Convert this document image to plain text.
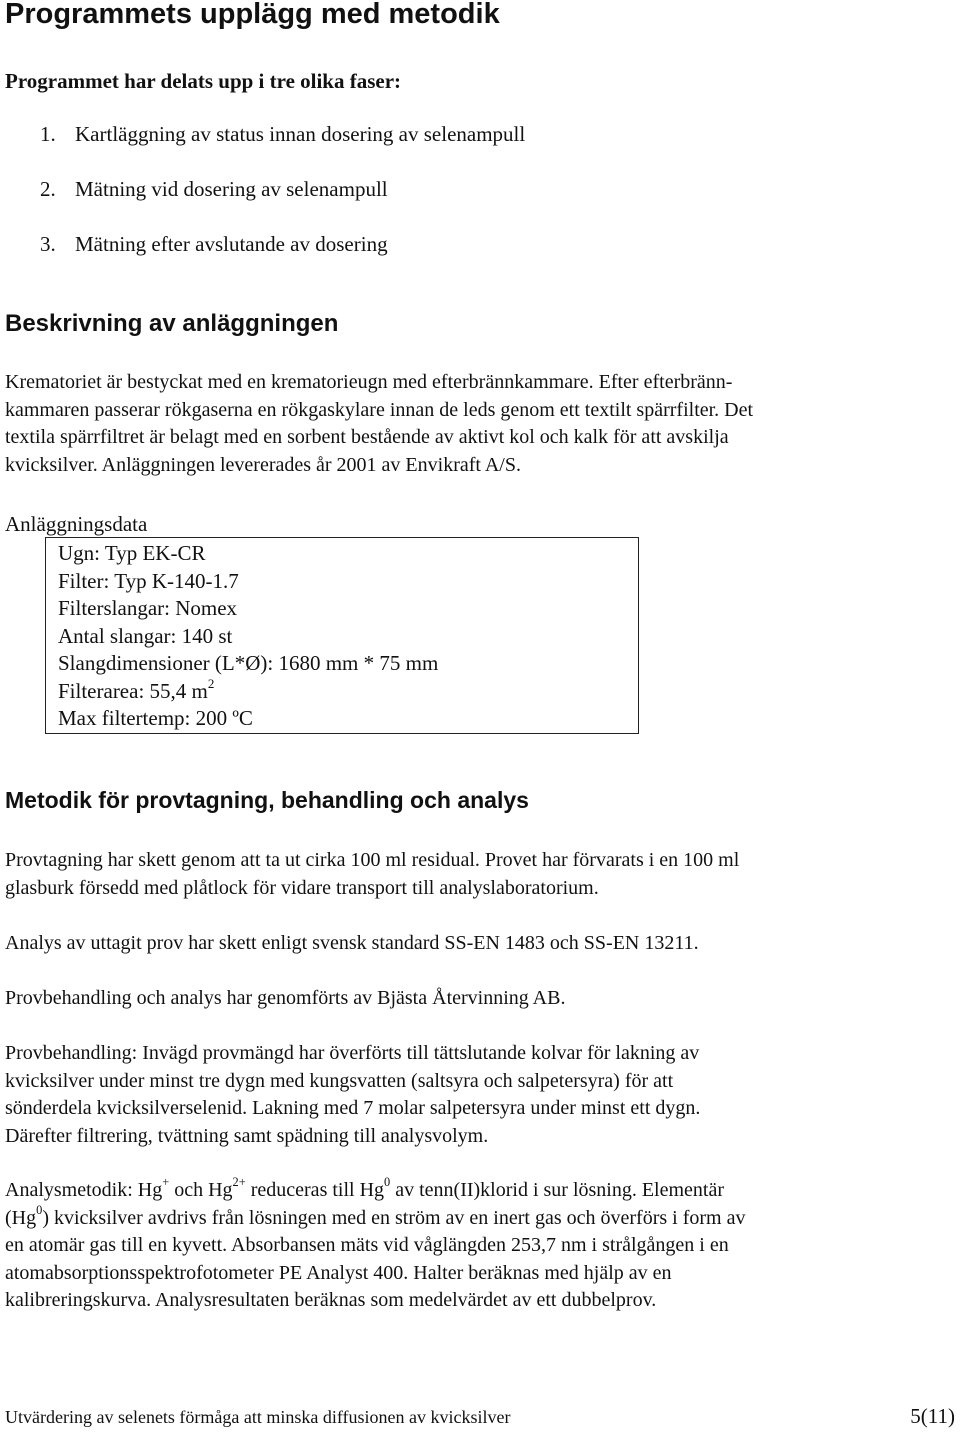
Programmets upplägg med metodik

Programmet har delats upp i tre olika faser:

1. Kartläggning av status innan dosering av selenampull
2. Mätning vid dosering av selenampull
3. Mätning efter avslutande av dosering
Beskrivning av anläggningen

Krematoriet är bestyckat med en krematorieugn med efterbrännkammare. Efter efterbränn-
kammaren passerar rökgaserna en rökgaskylare innan de leds genom ett textilt spärrfilter. Det
textila spärrfiltret är belagt med en sorbent bestående av aktivt kol och kalk för att avskilja
kvicksilver. Anläggningen levererades år 2001 av Envikraft A/S.

Anläggningsdata

Ugn: Typ EK-CR
Filter: Typ K-140-1.7
Filterslangar: Nomex
Antal slangar: 140 st
Slangdimensioner (L*Ø): 1680 mm * 75 mm
Filterarea: 55,4 $m^2$
Max filtertemp: 200 ºC
Metodik för provtagning, behandling och analys

Provtagning har skett genom att ta ut cirka 100 ml residual. Provet har förvarats i en 100 ml
glasburk försedd med plåtlock för vidare transport till analyslaboratorium.

Analys av uttagit prov har skett enligt svensk standard SS-EN 1483 och SS-EN 13211.

Provbehandling och analys har genomförts av Bjästa Återvinning AB.

Provbehandling: Invägd provmängd har överförts till tättslutande kolvar för lakning av
kvicksilver under minst tre dygn med kungsvatten (saltsyra och salpetersyra) för att
sönderdela kvicksilverselenid. Lakning med 7 molar salpetersyra under minst ett dygn.
Därefter filtrering, tvättning samt spädning till analysvolym.

Analysmetodik: Hg+ och $Hg^{2+}$ reduceras till Hg$^0$ av tenn(II)klorid i sur lösning. Elementär
(Hg$^0$) kvicksilver avdrivs från lösningen med en ström av en inert gas och överförs i form av
en atomär gas till en kyvett. Absorbansen mäts vid våglängden 253,7 nm i strålgången i en
atomabsorptionsspektrofotometer PE Analyst 400. Halter beräknas med hjälp av en
kalibreringskurva. Analysresultaten beräknas som medelvärdet av ett dubbelprov.

Utvärdering av selenets förmåga att minska diffusionen av kvicksilver	5(11)
